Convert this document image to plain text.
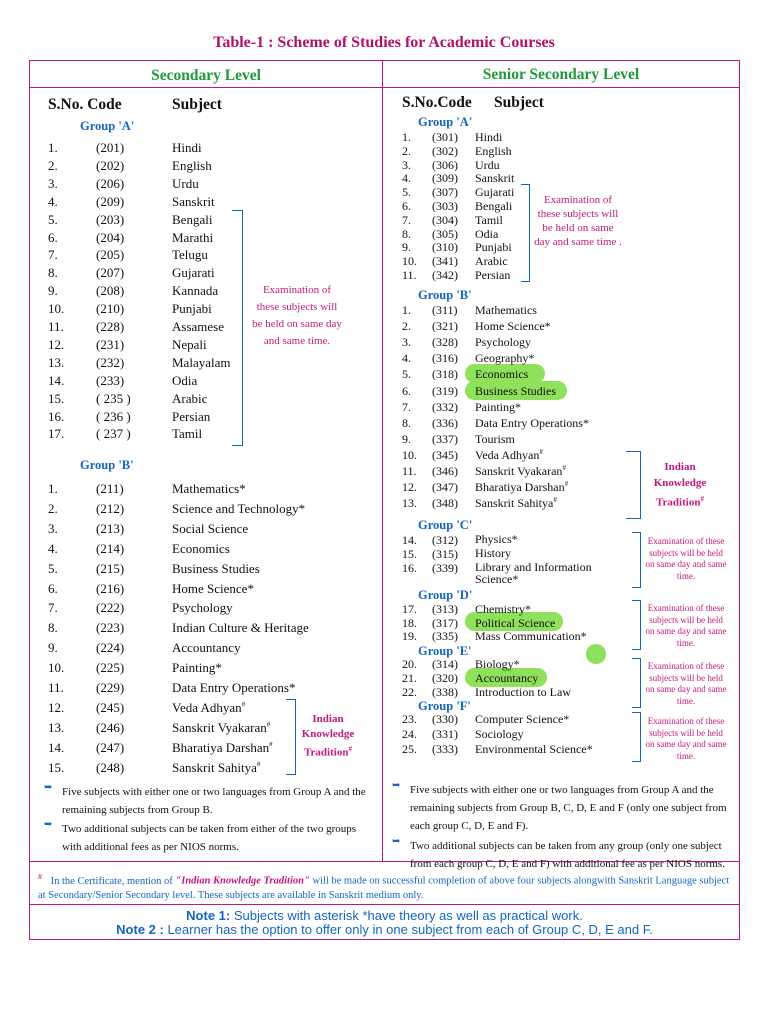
Table-1 : Scheme of Studies for Academic Courses
Secondary Level
S.No. Code	Subject
Group 'A'
1.	(201)	Hindi
2.	(202)	English
3.	(206)	Urdu
4.	(209)	Sanskrit
5.	(203)	Bengali
6.	(204)	Marathi
7.	(205)	Telugu
8.	(207)	Gujarati
9.	(208)	Kannada
10. (210)	Punjabi
11. (228)	Assamese
12. (231)	Nepali
13. (232)	Malayalam
14. (233)	Odia
15. ( 235 )	Arabic
16. ( 236 )	Persian
17. ( 237 )	Tamil
Examination of these subjects will be held on same day and same time.
Group 'B'
1.	(211)	Mathematics*
2.	(212)	Science and Technology*
3.	(213)	Social Science
4.	(214)	Economics
5.	(215)	Business Studies
6.	(216)	Home Science*
7.	(222)	Psychology
8.	(223)	Indian Culture & Heritage
9.	(224)	Accountancy
10. (225)	Painting*
11. (229)	Data Entry Operations*
12. (245)	Veda Adhyan#
13. (246)	Sanskrit Vyakaran#
14. (247)	Bharatiya Darshan#
15. (248)	Sanskrit Sahitya#
Indian Knowledge Tradition#
➥ Five subjects with either one or two languages from Group A and the remaining subjects from Group B.
➥ Two additional subjects can be taken from either of the two groups with additional fees as per NIOS norms.
Senior Secondary Level
S.No.Code Subject
Group 'A'
1. (301) Hindi
2. (302) English
3. (306) Urdu
4. (309) Sanskrit
5. (307) Gujarati
6. (303) Bengali
7. (304) Tamil
8. (305) Odia
9. (310) Punjabi
10. (341) Arabic
11. (342) Persian
Examination of these subjects will be held on same day and same time .
Group 'B'
1. (311) Mathematics
2. (321) Home Science*
3. (328) Psychology
4. (316) Geography*
5. (318) Economics
6. (319) Business Studies
7. (332) Painting*
8. (336) Data Entry Operations*
9. (337) Tourism
10. (345) Veda Adhyan#
11. (346) Sanskrit Vyakaran#
12. (347) Bharatiya Darshan#
13. (348) Sanskrit Sahitya#
Indian Knowledge Tradition#
Group 'C'
14. (312) Physics*
15. (315) History
16. (339) Library and Information Science*
Examination of these subjects will be held on same day and same time.
Group 'D'
17. (313) Chemistry*
18. (317) Political Science
19. (335) Mass Communication*
Examination of these subjects will be held on same day and same time.
Group 'E'
20. (314) Biology*
21. (320) Accountancy
22. (338) Introduction to Law
Examination of these subjects will be held on same day and same time.
Group 'F'
23. (330) Computer Science*
24. (331) Sociology
25. (333) Environmental Science*
Examination of these subjects will be held on same day and same time.
➥ Five subjects with either one or two languages from Group A and the remaining subjects from Group B, C, D, E and F (only one subject from each group C, D, E and F).
➥ Two additional subjects can be taken from any group (only one subject from each group C, D, E and F) with additional fee as per NIOS norms.
# In the Certificate, mention of "Indian Knowledge Tradition" will be made on successful completion of above four subjects alongwith Sanskrit Language subject at Secondary/Senior Secondary level. These subjects are available in Sanskrit medium only.
Note 1: Subjects with asterisk *have theory as well as practical work.
Note 2 : Learner has the option to offer only in one subject from each of Group C, D, E and F.
